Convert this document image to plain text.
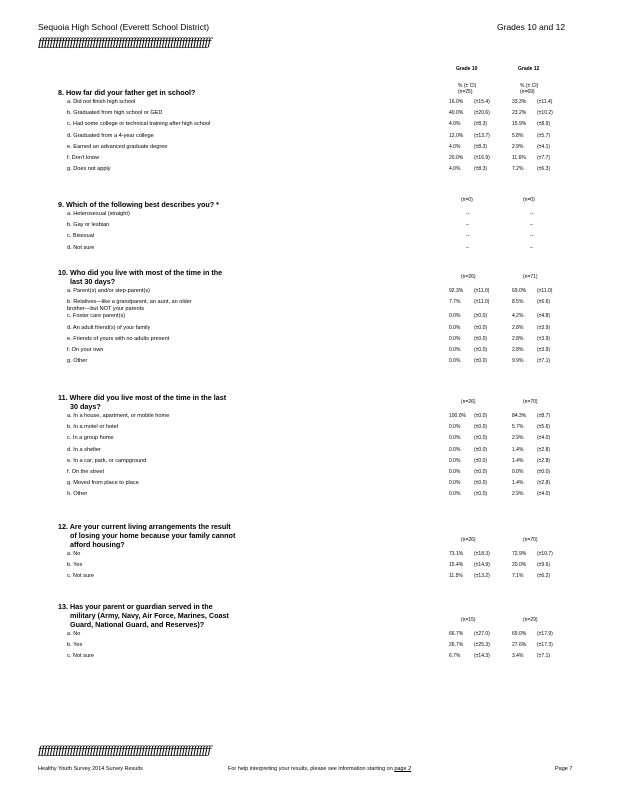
Sequoia High School (Everett School District)	Grades 10 and 12
ƒƒƒƒƒƒƒƒƒƒƒƒƒƒƒƒƒƒƒƒƒƒƒƒƒƒƒƒƒƒƒƒƒƒƒƒƒƒƒƒƒƒƒƒƒƒƒƒƒƒƒƒƒƒƒƒƒƒƒƒ
Grade 10	Grade 12
8. How far did your father get in school?
% (± CI)
(n=25)
% (± CI)
(n=69)
a. Did not finish high school	16.0% (±15.4)	33.3% (±11.4)
b. Graduated from high school or GED	40.0% (±20.6)	23.2% (±10.2)
c. Had some college or technical training after high school	4.0%	(±8.3)	15.9% (±8.9)
d. Graduated from a 4-year college	12.0% (±13.7)	5.8%	(±5.7)
e. Earned an advanced graduate degree	4.0%	(±8.3)	2.9%	(±4.1)
f. Don't know	20.0% (±16.9)	11.6% (±7.7)
g. Does not apply	4.0%	(±8.3)	7.2%	(±6.3)
9. Which of the following best describes you? *	(n=0)	(n=0)
a. Heterosexual (straight)	--	--
b. Gay or lesbian	--	--
c. Bisexual	--	--
d. Not sure	--	--
10. Who did you live with most of the time in the
last 30 days?	(n=26)	(n=71)
a. Parent(s) and/or step-parent(s)	92.3% (±11.0)	69.0% (±11.0)
b. Relatives—like a grandparent, an aunt, an older	7.7%	(±11.0)	8.5%	(±6.6)
brother—but NOT your parents
c. Foster care parent(s)	0.0%	(±0.0)	4.2%	(±4.8)
d. An adult friend(s) of your family	0.0%	(±0.0)	2.8%	(±3.9)
e. Friends of yours with no adults present	0.0%	(±0.0)	2.8%	(±3.9)
f. On your own	0.0%	(±0.0)	2.8%	(±3.9)
g. Other	0.0%	(±0.0)	9.9%	(±7.1)
11. Where did you live most of the time in the last
30 days?	(n=26)	(n=70)
a. In a house, apartment, or mobile home	100.0% (±0.0)	84.3% (±8.7)
b. In a motel or hotel	0.0%	(±0.0)	5.7%	(±5.6)
c. In a group home	0.0%	(±0.0)	2.9%	(±4.0)
d. In a shelter	0.0%	(±0.0)	1.4%	(±2.8)
e. In a car, park, or campground	0.0%	(±0.0)	1.4%	(±2.8)
f. On the street	0.0%	(±0.0)	0.0%	(±0.0)
g. Moved from place to place	0.0%	(±0.0)	1.4%	(±2.8)
h. Other	0.0%	(±0.0)	2.9%	(±4.0)
12. Are your current living arrangements the result
of losing your home because your family cannot
afford housing?	(n=26)	(n=70)
a. No	73.1% (±18.3)	72.9% (±10.7)
b. Yes	15.4% (±14.9)	20.0% (±9.6)
c. Not sure	11.5% (±13.2)	7.1%	(±6.2)
13. Has your parent or guardian served in the
military (Army, Navy, Air Force, Marines, Coast
Guard, National Guard, and Reserves)?	(n=15)	(n=29)
a. No	66.7% (±27.0)	69.0% (±17.9)
b. Yes	26.7% (±25.3)	27.6% (±17.3)
c. Not sure	6.7%	(±14.3)	3.4%	(±7.1)
ƒƒƒƒƒƒƒƒƒƒƒƒƒƒƒƒƒƒƒƒƒƒƒƒƒƒƒƒƒƒƒƒƒƒƒƒƒƒƒƒƒƒƒƒƒƒƒƒƒƒƒƒƒƒƒƒƒƒƒƒ
Healthy Youth Survey 2014 Survey Results	For help interpreting your results, please see information starting on page 2	Page 7
